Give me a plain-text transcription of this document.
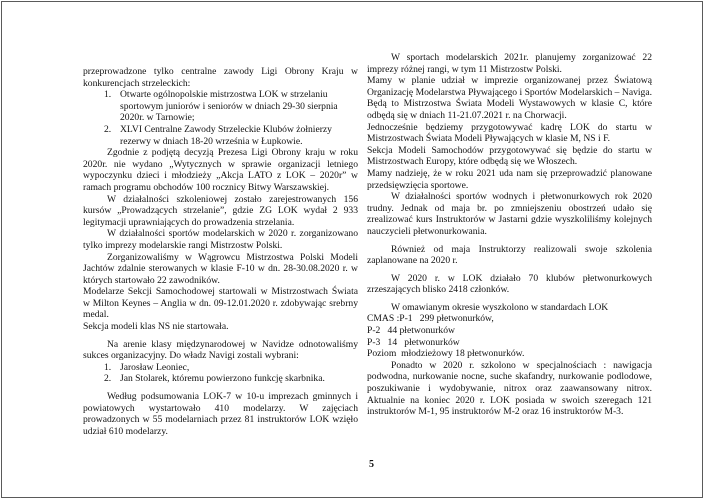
przeprowadzone tylko centralne zawody Ligi Obrony Kraju w konkurencjach strzeleckich:

1. Otwarte ogólnopolskie mistrzostwa LOK w strzelaniu sportowym juniorów i seniorów w dniach 29-30 sierpnia 2020r. w Tarnowie;
2. XLVI Centralne Zawody Strzeleckie Klubów żołnierzy rezerwy w dniach 18-20 września w Łupkowie.

Zgodnie z podjętą decyzją Prezesa Ligi Obrony kraju w roku 2020r. nie wydano „Wytycznych w sprawie organizacji letniego wypoczynku dzieci i młodzieży „Akcja LATO z LOK – 2020r” w ramach programu obchodów 100 rocznicy Bitwy Warszawskiej.

W działalności szkoleniowej zostało zarejestrowanych 156 kursów „Prowadzących strzelanie”, gdzie ZG LOK wydał 2 933 legitymacji uprawniających do prowadzenia strzelania.

W działalności sportów modelarskich w 2020 r. zorganizowano tylko imprezy modelarskie rangi Mistrzostw Polski.

Zorganizowaliśmy w Wągrowcu Mistrzostwa Polski Modeli Jachtów zdalnie sterowanych w klasie F-10 w dn. 28-30.08.2020 r. w których startowało 22 zawodników.

Modelarze Sekcji Samochodowej startowali w Mistrzostwach Świata w Milton Keynes – Anglia w dn. 09-12.01.2020 r. zdobywając srebrny medal.

Sekcja modeli klas NS nie startowała.

Na arenie klasy międzynarodowej w Navidze odnotowaliśmy sukces organizacyjny. Do władz Navigi zostali wybrani:

1. Jarosław Leoniec,
2. Jan Stolarek, któremu powierzono funkcję skarbnika.

Według podsumowania LOK-7 w 10-u imprezach gminnych i powiatowych wystartowało 410 modelarzy. W zajęciach prowadzonych w 55 modelarniach przez 81 instruktorów LOK wzięło udział 610 modelarzy.

W sportach modelarskich 2021r. planujemy zorganizować 22 imprezy różnej rangi, w tym 11 Mistrzostw Polski.

Mamy w planie udział w imprezie organizowanej przez Światową Organizację Modelarstwa Pływającego i Sportów Modelarskich – Naviga. Będą to Mistrzostwa Świata Modeli Wystawowych w klasie C, które odbędą się w dniach 11-21.07.2021 r. na Chorwacji.

Jednocześnie będziemy przygotowywać kadrę LOK do startu w Mistrzostwach Świata Modeli Pływających w klasie M, NS i F.

Sekcja Modeli Samochodów przygotowywać się będzie do startu w Mistrzostwach Europy, które odbędą się we Włoszech.

Mamy nadzieję, że w roku 2021 uda nam się przeprowadzić planowane przedsięwzięcia sportowe.

W działalności sportów wodnych i płetwonurkowych rok 2020 trudny. Jednak od maja br. po zmniejszeniu obostrzeń udało się zrealizować kurs Instruktorów w Jastarni gdzie wyszkoliliśmy kolejnych nauczycieli płetwonurkowania.

Również od maja Instruktorzy realizowali swoje szkolenia zaplanowane na 2020 r.

W 2020 r. w LOK działało 70 klubów płetwonurkowych zrzeszających blisko 2418 członków.

W omawianym okresie wyszkolono w standardach LOK

CMAS :P-1   299 płetwonurków,

P-2   44 płetwonurków

P-3   14   płetwonurków

Poziom  młodzieżowy 18 płetwonurków.

Ponadto w 2020 r. szkolono w specjalnościach : nawigacja podwodna, nurkowanie nocne, suche skafandry, nurkowanie podlodowe, poszukiwanie i wydobywanie, nitrox oraz zaawansowany nitrox. Aktualnie na koniec 2020 r. LOK posiada w swoich szeregach 121 instruktorów M-1, 95 instruktorów M-2 oraz 16 instruktorów M-3.

5
